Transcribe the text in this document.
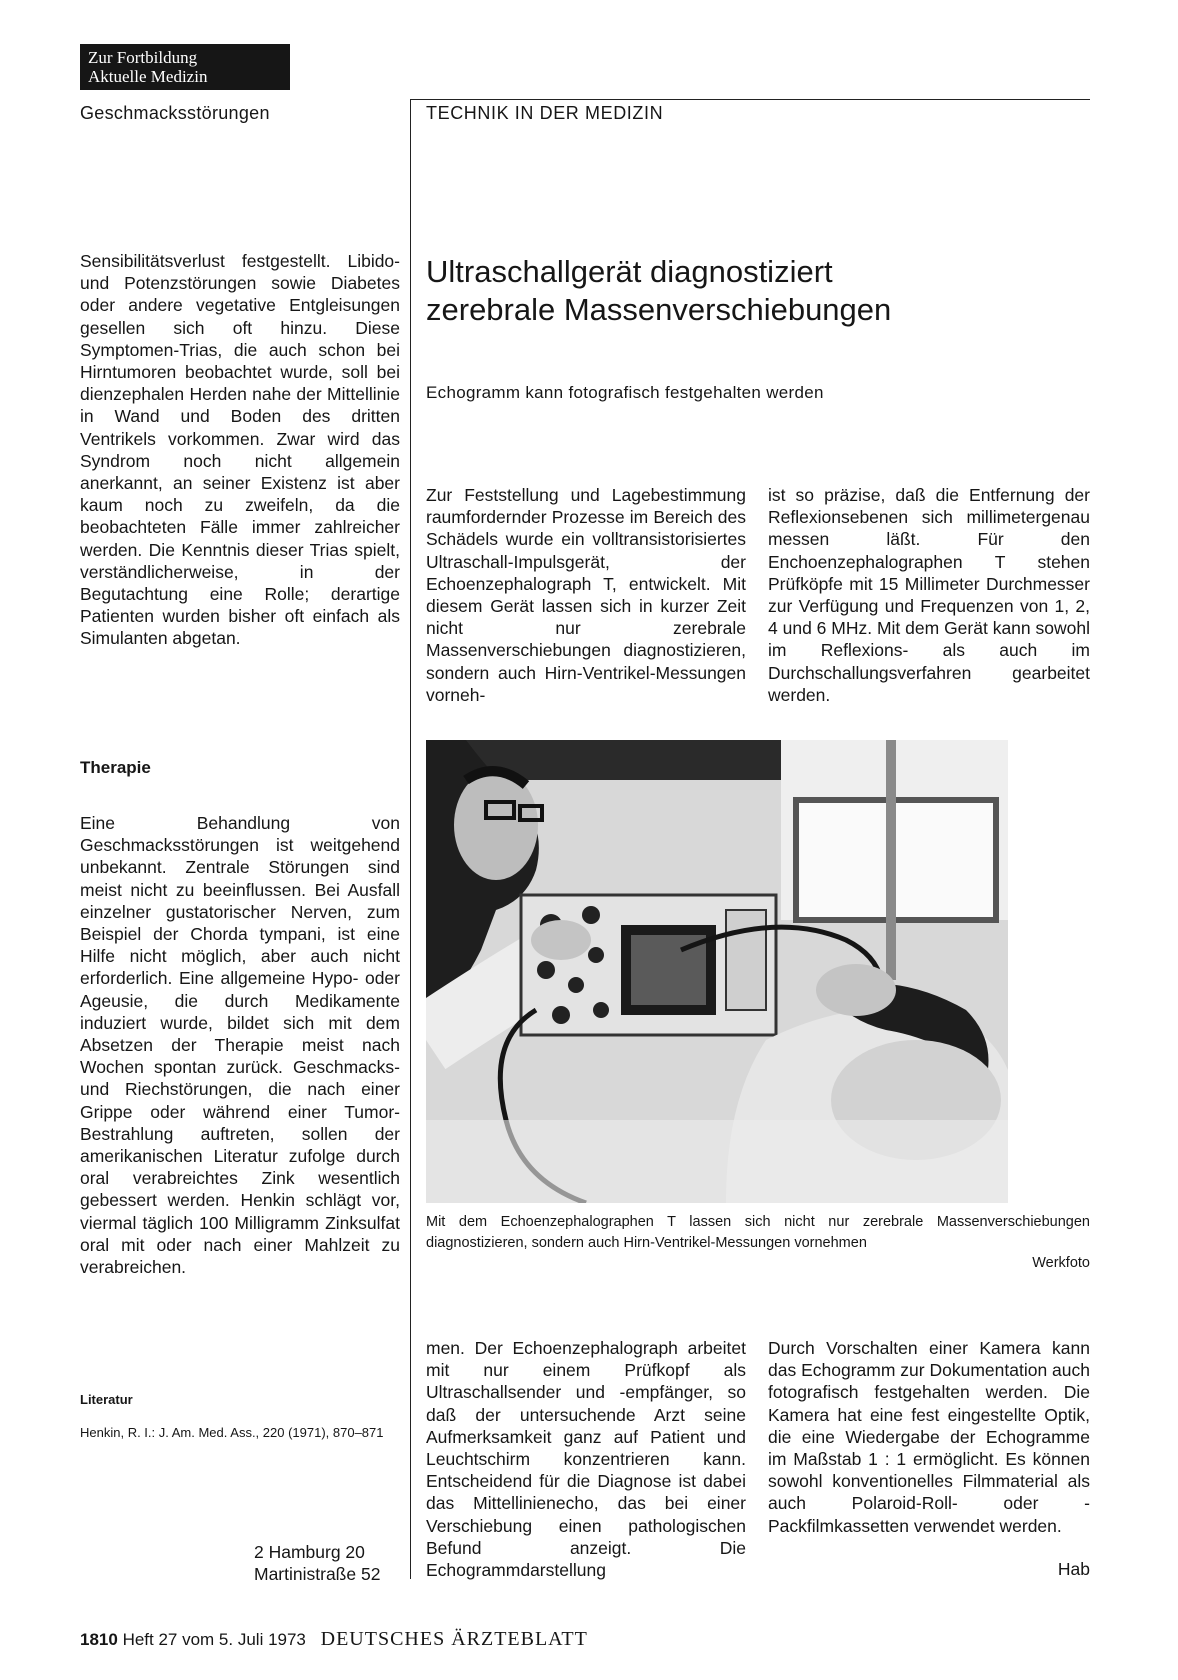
Zur Fortbildung
Aktuelle Medizin
Geschmacksstörungen	TECHNIK IN DER MEDIZIN

Sensibilitätsverlust festgestellt. Libido- und Potenzstörungen sowie Diabetes oder andere vegetative Entgleisungen gesellen sich oft hinzu. Diese Symptomen-Trias, die auch schon bei Hirntumoren beobachtet wurde, soll bei dienzephalen Herden nahe der Mittellinie in Wand und Boden des dritten Ventrikels vorkommen. Zwar wird das Syndrom noch nicht allgemein anerkannt, an seiner Existenz ist aber kaum noch zu zweifeln, da die beobachteten Fälle immer zahlreicher werden. Die Kenntnis dieser Trias spielt, verständlicherweise, in der Begutachtung eine Rolle; derartige Patienten wurden bisher oft einfach als Simulanten abgetan.

Therapie

Eine Behandlung von Geschmacksstörungen ist weitgehend unbekannt. Zentrale Störungen sind meist nicht zu beeinflussen. Bei Ausfall einzelner gustatorischer Nerven, zum Beispiel der Chorda tympani, ist eine Hilfe nicht möglich, aber auch nicht erforderlich. Eine allgemeine Hypo- oder Ageusie, die durch Medikamente induziert wurde, bildet sich mit dem Absetzen der Therapie meist nach Wochen spontan zurück. Geschmacks- und Riechstörungen, die nach einer Grippe oder während einer Tumor-Bestrahlung auftreten, sollen der amerikanischen Literatur zufolge durch oral verabreichtes Zink wesentlich gebessert werden. Henkin schlägt vor, viermal täglich 100 Milligramm Zinksulfat oral mit oder nach einer Mahlzeit zu verabreichen.

Literatur

Henkin, R. I.: J. Am. Med. Ass., 220 (1971), 870–871

2 Hamburg 20
Martinistraße 52
Ultraschallgerät diagnostiziert
zerebrale Massenverschiebungen
Echogramm kann fotografisch festgehalten werden

Zur Feststellung und Lagebestimmung raumfordernder Prozesse im Bereich des Schädels wurde ein volltransistorisiertes Ultraschall-Impulsgerät, der Echoenzephalograph T, entwickelt. Mit diesem Gerät lassen sich in kurzer Zeit nicht nur zerebrale Massenverschiebungen diagnostizieren, sondern auch Hirn-Ventrikel-Messungen vorneh-

ist so präzise, daß die Entfernung der Reflexionsebenen sich millimetergenau messen läßt. Für den Enchoenzephalographen T stehen Prüfköpfe mit 15 Millimeter Durchmesser zur Verfügung und Frequenzen von 1, 2, 4 und 6 MHz. Mit dem Gerät kann sowohl im Reflexions- als auch im Durchschallungsverfahren gearbeitet werden.

Mit dem Echoenzephalographen T lassen sich nicht nur zerebrale Massenverschiebungen diagnostizieren, sondern auch Hirn-Ventrikel-Messungen vornehmen

Werkfoto

men. Der Echoenzephalograph arbeitet mit nur einem Prüfkopf als Ultraschallsender und -empfänger, so daß der untersuchende Arzt seine Aufmerksamkeit ganz auf Patient und Leuchtschirm konzentrieren kann. Entscheidend für die Diagnose ist dabei das Mittellinienecho, das bei einer Verschiebung einen pathologischen Befund anzeigt. Die Echogrammdarstellung

Durch Vorschalten einer Kamera kann das Echogramm zur Dokumentation auch fotografisch festgehalten werden. Die Kamera hat eine fest eingestellte Optik, die eine Wiedergabe der Echogramme im Maßstab 1 : 1 ermöglicht. Es können sowohl konventionelles Filmmaterial als auch Polaroid-Roll- oder -Packfilmkassetten verwendet werden.

Hab
1810 Heft 27 vom 5. Juli 1973 DEUTSCHES ÄRZTEBLATT
